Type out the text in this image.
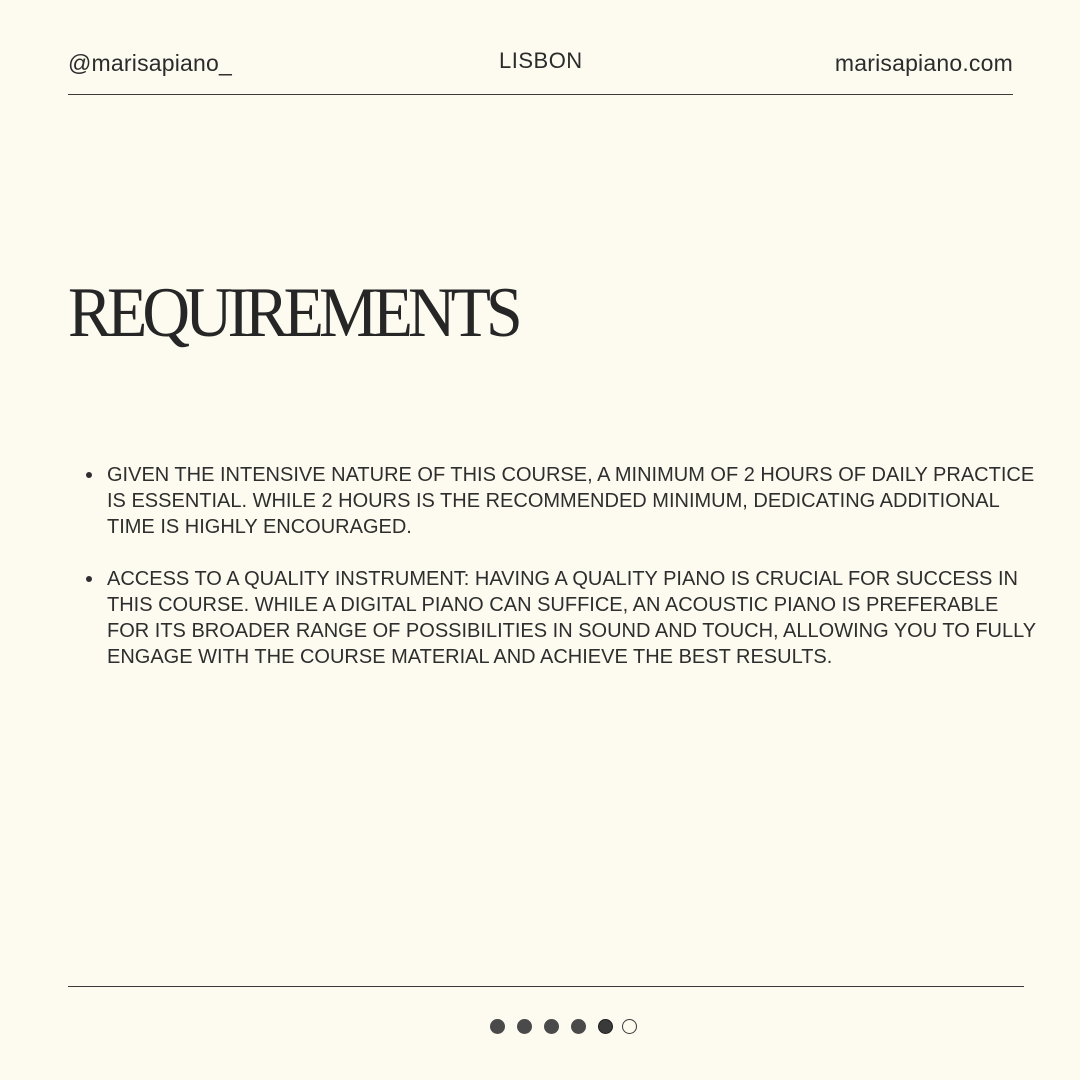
@marisapiano_	LISBON	marisapiano.com
REQUIREMENTS
GIVEN THE INTENSIVE NATURE OF THIS COURSE, A MINIMUM OF 2 HOURS OF DAILY PRACTICE IS ESSENTIAL. WHILE 2 HOURS IS THE RECOMMENDED MINIMUM, DEDICATING ADDITIONAL TIME IS HIGHLY ENCOURAGED.
ACCESS TO A QUALITY INSTRUMENT: HAVING A QUALITY PIANO IS CRUCIAL FOR SUCCESS IN THIS COURSE. WHILE A DIGITAL PIANO CAN SUFFICE, AN ACOUSTIC PIANO IS PREFERABLE FOR ITS BROADER RANGE OF POSSIBILITIES IN SOUND AND TOUCH, ALLOWING YOU TO FULLY ENGAGE WITH THE COURSE MATERIAL AND ACHIEVE THE BEST RESULTS.
